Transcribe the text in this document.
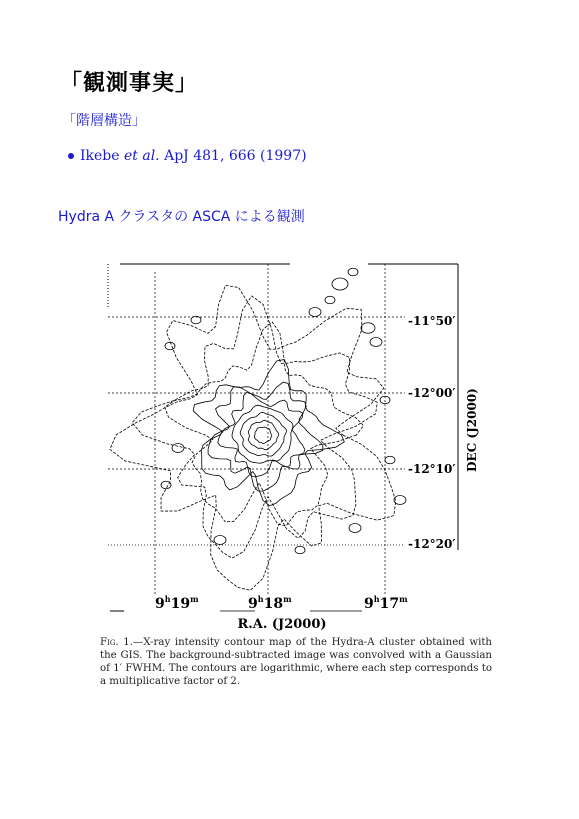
「観測事実」
「階層構造」
Ikebe et al. ApJ 481, 666 (1997)
Hydra A クラスタの ASCA による観測
-11°50′
-12°00′
-12°10′
-12°20′
DEC (J2000)
9$^h$19$^m$	9$^h$18$^m$	9$^h$17$^m$
R.A. (J2000)
Fig. 1.—X-ray intensity contour map of the Hydra-A cluster obtained with the GIS. The background-subtracted image was convolved with a Gaussian of 1′ FWHM. The contours are logarithmic, where each step corresponds to a multiplicative factor of 2.
